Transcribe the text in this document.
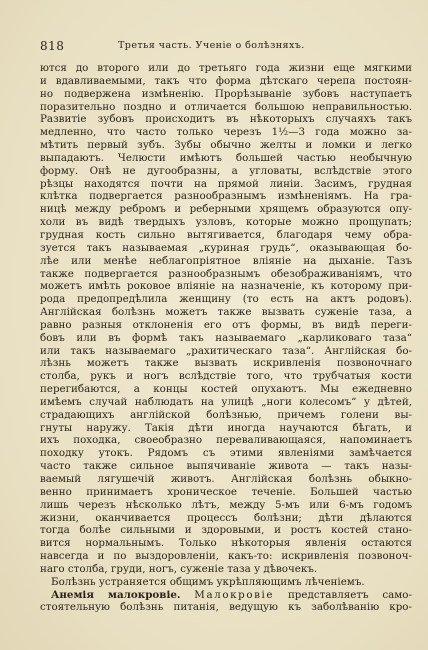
818	Третья часть. Ученіе о болѣзняхъ.
ются до второго или до третьяго года жизни еще мягкими
и вдавливаемыми, такъ что форма дѣтскаго черепа постоян-
но подвержена измѣненію. Прорѣзываніе зубовъ наступаетъ
поразительно поздно и отличается большою неправильностью.
Развитіе зубовъ происходитъ въ нѣкоторыхъ случаяхъ такъ
медленно, что часто только черезъ 1½—3 года можно за-
мѣтить первый зубъ. Зубы обычно желты и ломки и легко
выпадаютъ. Челюсти имѣютъ большей частью необычную
форму. Онѣ не дугообразны, а угловаты, вслѣдствіе этого
рѣзцы находятся почти на прямой линіи. Засимъ, грудная
клѣтка подвергается разнообразнымъ измѣненіямъ. На гра-
ницѣ между ребромъ и реберными хрящемъ образуются опу-
холи въ видѣ твердыхъ узловъ, которые можно прощупать;
грудная кость сильно вытягивается, благодаря чему обра-
зуется такъ называемая „куриная грудь“, оказывающая бо-
лѣе или менѣе неблагопріятное вліяніе на дыханіе. Тазъ
также подвергается разнообразнымъ обезображиваніямъ, что
можетъ имѣть роковое вліяніе на назначеніе, къ которому при-
рода предопредѣлила женщину (то есть на актъ родовъ).
Англійская болѣзнь можетъ также вызвать суженіе таза, а
равно разныя отклоненія его отъ формы, въ видѣ переги-
бовъ или въ формѣ такъ называемаго „карликоваго таза“
или такъ называемаго „рахитическаго таза“. Англійская бо-
лѣзнь можетъ также вызвать искривленія позвоночнаго
столба, рукъ и ногъ вслѣдствіе того, что трубчатыя кости
перегибаются, а концы костей опухаютъ. Мы ежедневно
имѣемъ случай наблюдать на улицѣ „ноги колесомъ“ у дѣтей,
страдающихъ англійской болѣзнью, причемъ голени вы-
гнуты наружу. Такія дѣти иногда научаются бѣгать, и
ихъ походка, своеобразно переваливающаяся, напоминаетъ
походку утокъ. Рядомъ съ этими явленіями замѣчается
часто также сильное выпячиваніе живота — такъ назы-
ваемый лягушечій животъ. Англійская болѣзнь обыкно-
венно принимаетъ хроническое теченіе. Большей частью
лишь черезъ нѣсколько лѣтъ, между 5-мъ или 6-мъ годомъ
жизни, оканчивается процессъ болѣзни; дѣти дѣлаются
тогда болѣе сильными и здоровыми, и ростъ костей стано-
вится нормальнымъ. Только нѣкоторыя явленія остаются
навсегда и по выздоровленіи, какъ-то: искривленія позвоноч-
наго столба, груди, ногъ, суженіе таза у дѣвочекъ.
Болѣзнь устраняется общимъ укрѣпляющимъ лѣченіемъ.
Анемія малокровіе. Малокровіе представляетъ само-
стоятельную болѣзнь питанія, ведущую къ заболѣванію кро-
